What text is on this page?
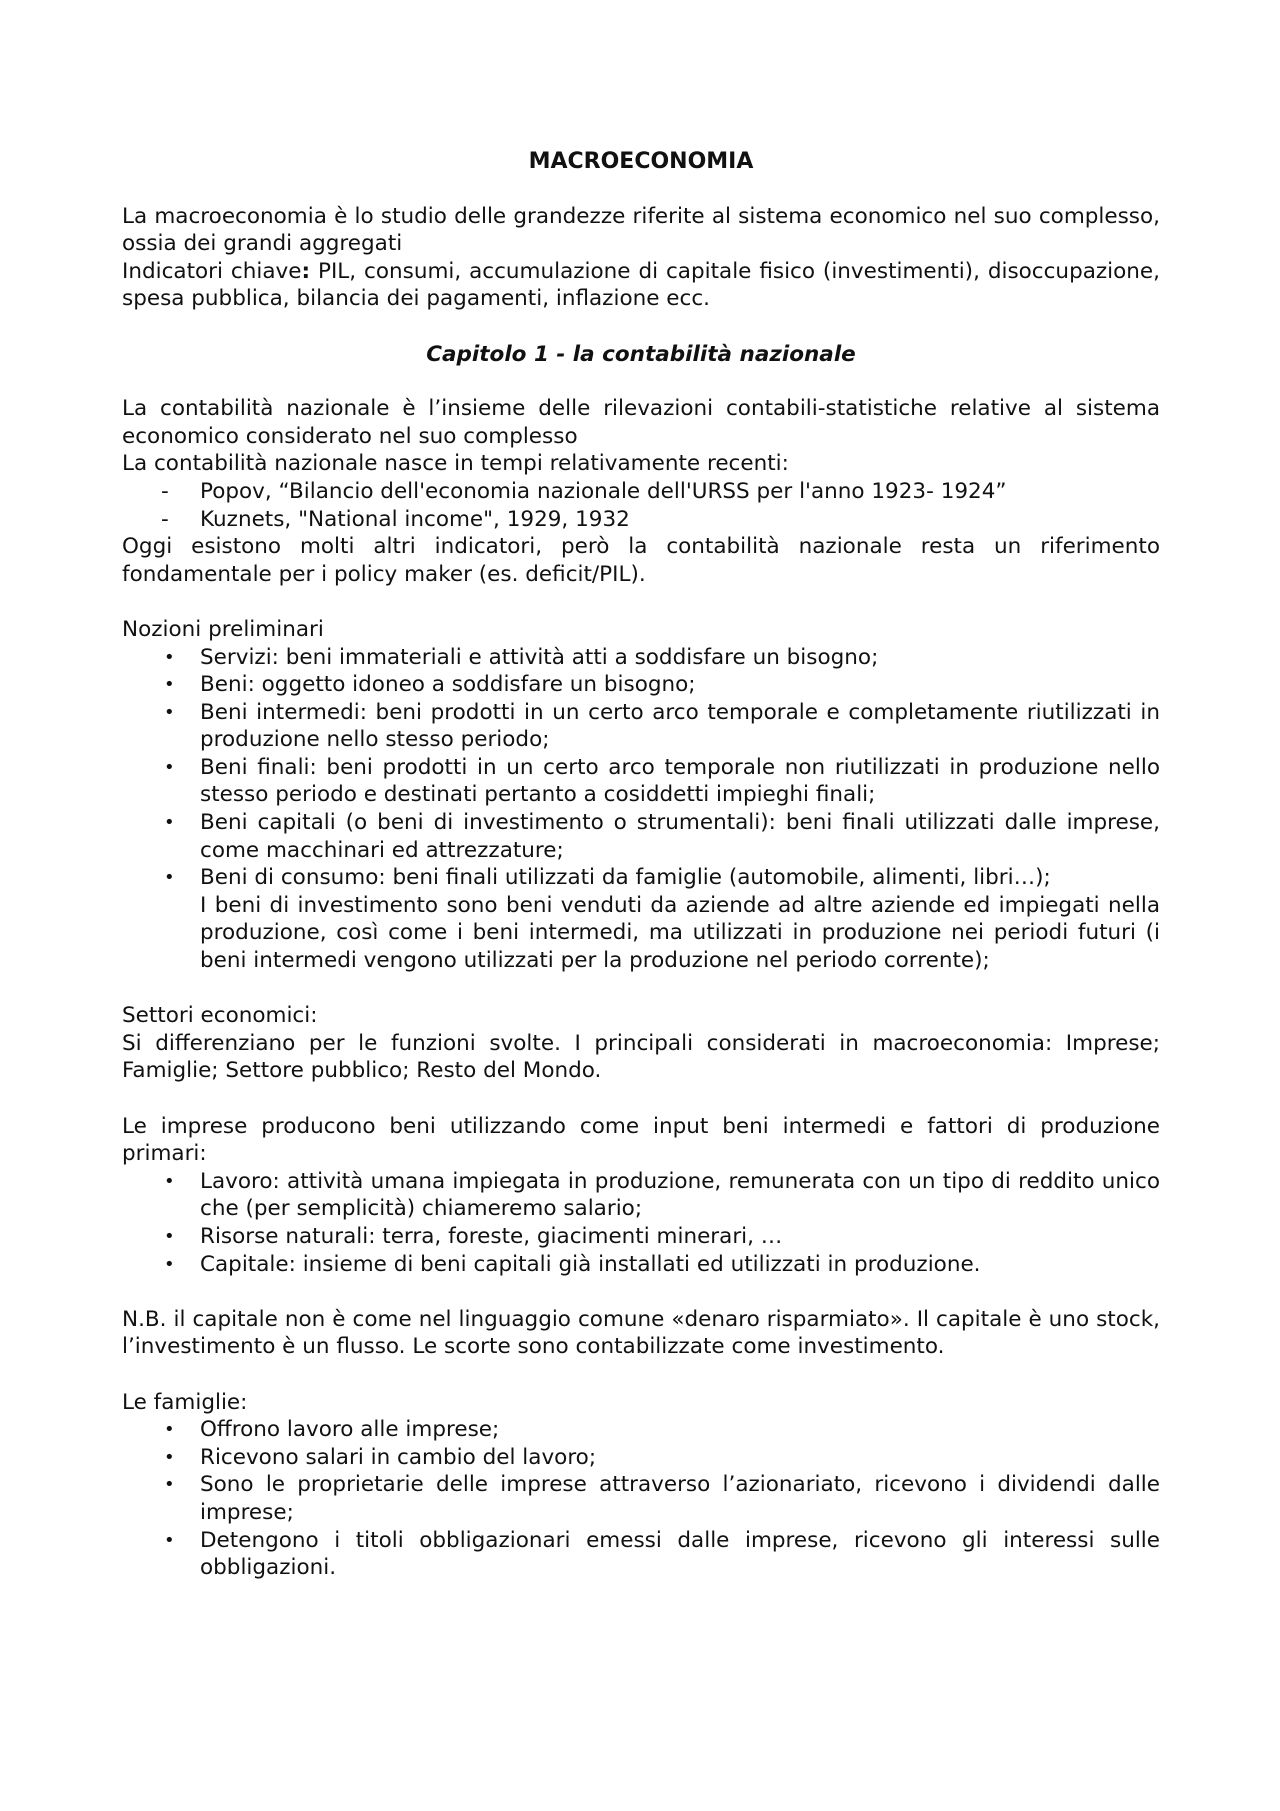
MACROECONOMIA

La macroeconomia è lo studio delle grandezze riferite al sistema economico nel suo complesso, ossia dei grandi aggregati

Indicatori chiave: PIL, consumi, accumulazione di capitale fisico (investimenti), disoccupazione, spesa pubblica, bilancia dei pagamenti, inflazione ecc.

Capitolo 1 - la contabilità nazionale

La contabilità nazionale è l’insieme delle rilevazioni contabili-statistiche relative al sistema economico considerato nel suo complesso

La contabilità nazionale nasce in tempi relativamente recenti:

- Popov, “Bilancio dell'economia nazionale dell'URSS per l'anno 1923- 1924”
- Kuznets, "National income", 1929, 1932

Oggi esistono molti altri indicatori, però la contabilità nazionale resta un riferimento fondamentale per i policy maker (es. deficit/PIL).

Nozioni preliminari

• Servizi: beni immateriali e attività atti a soddisfare un bisogno;
• Beni: oggetto idoneo a soddisfare un bisogno;
• Beni intermedi: beni prodotti in un certo arco temporale e completamente riutilizzati in produzione nello stesso periodo;
• Beni finali: beni prodotti in un certo arco temporale non riutilizzati in produzione nello stesso periodo e destinati pertanto a cosiddetti impieghi finali;
• Beni capitali (o beni di investimento o strumentali): beni finali utilizzati dalle imprese, come macchinari ed attrezzature;
• Beni di consumo: beni finali utilizzati da famiglie (automobile, alimenti, libri…);

I beni di investimento sono beni venduti da aziende ad altre aziende ed impiegati nella produzione, così come i beni intermedi, ma utilizzati in produzione nei periodi futuri (i beni intermedi vengono utilizzati per la produzione nel periodo corrente);

Settori economici:

Si differenziano per le funzioni svolte. I principali considerati in macroeconomia: Imprese; Famiglie; Settore pubblico; Resto del Mondo.

Le imprese producono beni utilizzando come input beni intermedi e fattori di produzione primari:

• Lavoro: attività umana impiegata in produzione, remunerata con un tipo di reddito unico che (per semplicità) chiameremo salario;
• Risorse naturali: terra, foreste, giacimenti minerari, …
• Capitale: insieme di beni capitali già installati ed utilizzati in produzione.

N.B. il capitale non è come nel linguaggio comune «denaro risparmiato». Il capitale è uno stock, l’investimento è un flusso. Le scorte sono contabilizzate come investimento.

Le famiglie:

• Offrono lavoro alle imprese;
• Ricevono salari in cambio del lavoro;
• Sono le proprietarie delle imprese attraverso l’azionariato, ricevono i dividendi dalle imprese;
• Detengono i titoli obbligazionari emessi dalle imprese, ricevono gli interessi sulle obbligazioni.
